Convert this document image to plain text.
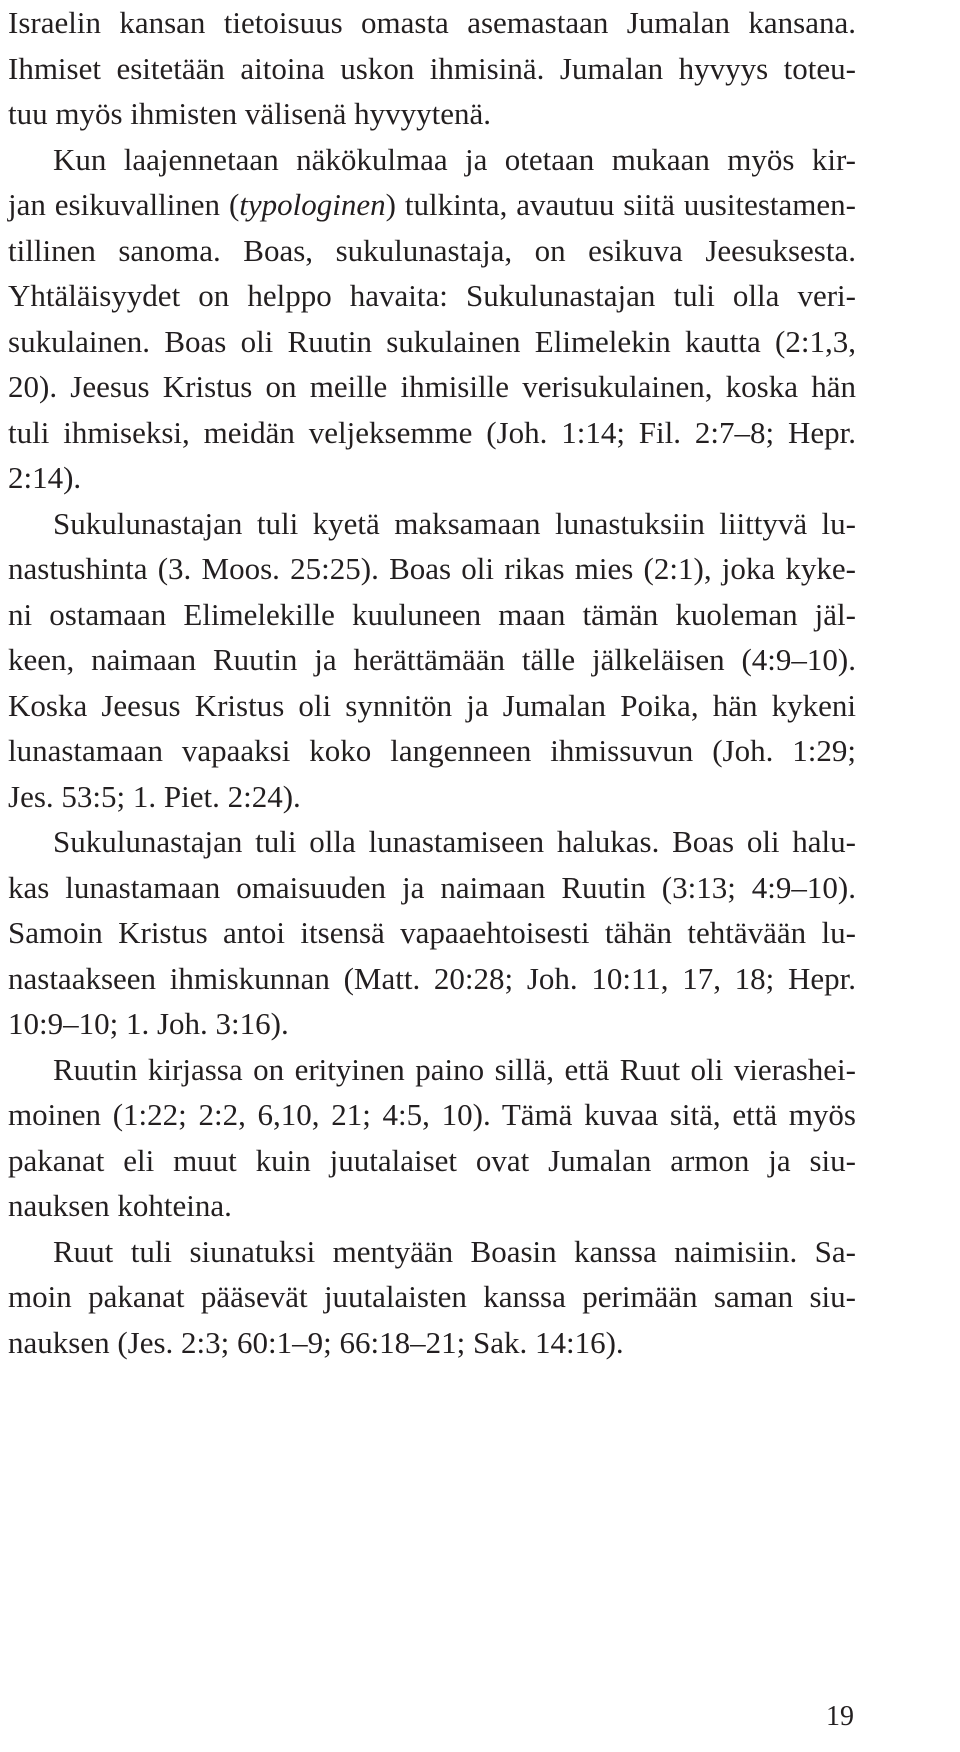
Israelin kansan tietoisuus omasta asemastaan Jumalan kansana.
Ihmiset esitetään aitoina uskon ihmisinä. Jumalan hyvyys toteu-
tuu myös ihmisten välisenä hyvyytenä.
Kun laajennetaan näkökulmaa ja otetaan mukaan myös kir-
jan esikuvallinen (typologinen) tulkinta, avautuu siitä uusitestamen-
tillinen sanoma. Boas, sukulunastaja, on esikuva Jeesuksesta.
Yhtäläisyydet on helppo havaita: Sukulunastajan tuli olla veri-
sukulainen. Boas oli Ruutin sukulainen Elimelekin kautta (2:1,3,
20). Jeesus Kristus on meille ihmisille verisukulainen, koska hän
tuli ihmiseksi, meidän veljeksemme (Joh. 1:14; Fil. 2:7–8; Hepr.
2:14).
Sukulunastajan tuli kyetä maksamaan lunastuksiin liittyvä lu-
nastushinta (3. Moos. 25:25). Boas oli rikas mies (2:1), joka kyke-
ni ostamaan Elimelekille kuuluneen maan tämän kuoleman jäl-
keen, naimaan Ruutin ja herättämään tälle jälkeläisen (4:9–10).
Koska Jeesus Kristus oli synnitön ja Jumalan Poika, hän kykeni
lunastamaan vapaaksi koko langenneen ihmissuvun (Joh. 1:29;
Jes. 53:5; 1. Piet. 2:24).
Sukulunastajan tuli olla lunastamiseen halukas. Boas oli halu-
kas lunastamaan omaisuuden ja naimaan Ruutin (3:13; 4:9–10).
Samoin Kristus antoi itsensä vapaaehtoisesti tähän tehtävään lu-
nastaakseen ihmiskunnan (Matt. 20:28; Joh. 10:11, 17, 18; Hepr.
10:9–10; 1. Joh. 3:16).
Ruutin kirjassa on erityinen paino sillä, että Ruut oli vierashei-
moinen (1:22; 2:2, 6,10, 21; 4:5, 10). Tämä kuvaa sitä, että myös
pakanat eli muut kuin juutalaiset ovat Jumalan armon ja siu-
nauksen kohteina.
Ruut tuli siunatuksi mentyään Boasin kanssa naimisiin. Sa-
moin pakanat pääsevät juutalaisten kanssa perimään saman siu-
nauksen (Jes. 2:3; 60:1–9; 66:18–21; Sak. 14:16).
19
